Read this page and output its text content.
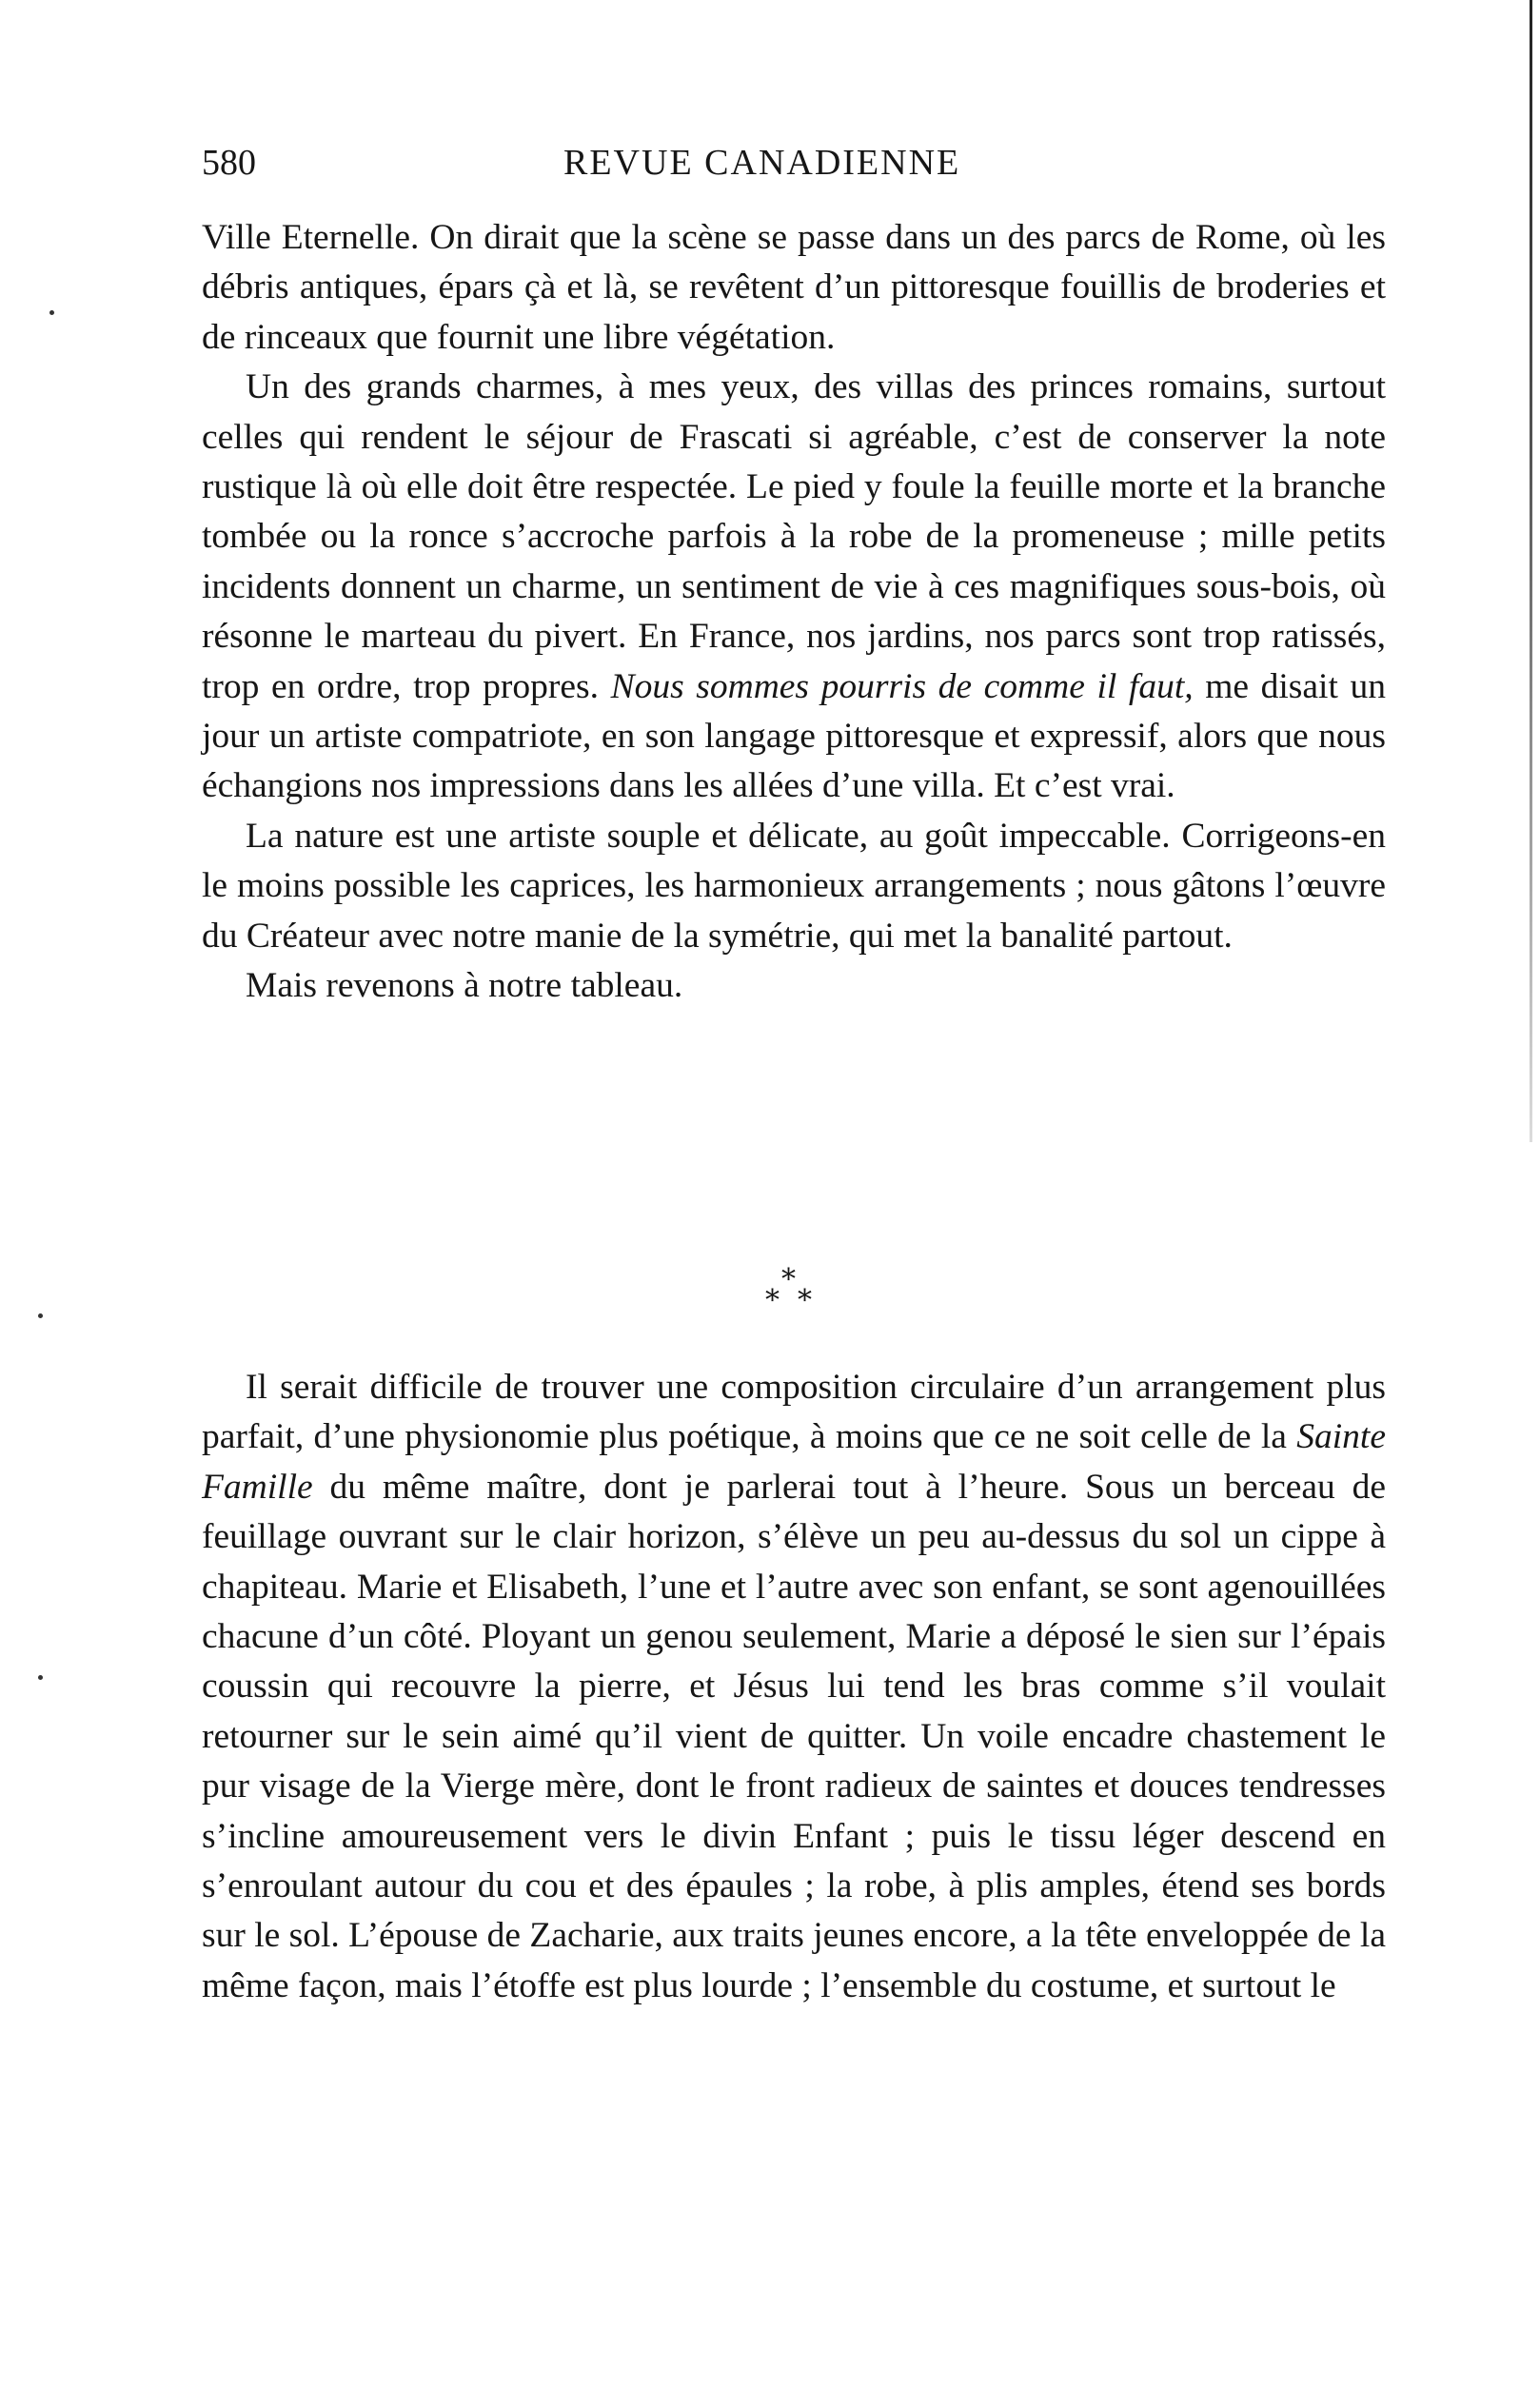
580	REVUE CANADIENNE

Ville Eternelle. On dirait que la scène se passe dans un des parcs de Rome, où les débris antiques, épars çà et là, se revêtent d’un pittoresque fouillis de broderies et de rinceaux que fournit une libre végétation.

Un des grands charmes, à mes yeux, des villas des princes romains, surtout celles qui rendent le séjour de Frascati si agréable, c’est de conserver la note rustique là où elle doit être respectée. Le pied y foule la feuille morte et la branche tombée ou la ronce s’accroche parfois à la robe de la promeneuse ; mille petits incidents donnent un charme, un sentiment de vie à ces magnifiques sous-bois, où résonne le marteau du pivert. En France, nos jardins, nos parcs sont trop ratissés, trop en ordre, trop propres. Nous sommes pourris de comme il faut, me disait un jour un artiste compatriote, en son langage pittoresque et expressif, alors que nous échangions nos impressions dans les allées d’une villa. Et c’est vrai.

La nature est une artiste souple et délicate, au goût impeccable. Corrigeons-en le moins possible les caprices, les harmonieux arrangements ; nous gâtons l’œuvre du Créateur avec notre manie de la symétrie, qui met la banalité partout.

Mais revenons à notre tableau.

*
* *

Il serait difficile de trouver une composition circulaire d’un arrangement plus parfait, d’une physionomie plus poétique, à moins que ce ne soit celle de la Sainte Famille du même maître, dont je parlerai tout à l’heure. Sous un berceau de feuillage ouvrant sur le clair horizon, s’élève un peu au-dessus du sol un cippe à chapiteau. Marie et Elisabeth, l’une et l’autre avec son enfant, se sont agenouillées chacune d’un côté. Ployant un genou seulement, Marie a déposé le sien sur l’épais coussin qui recouvre la pierre, et Jésus lui tend les bras comme s’il voulait retourner sur le sein aimé qu’il vient de quitter. Un voile encadre chastement le pur visage de la Vierge mère, dont le front radieux de saintes et douces tendresses s’incline amoureusement vers le divin Enfant ; puis le tissu léger descend en s’enroulant autour du cou et des épaules ; la robe, à plis amples, étend ses bords sur le sol. L’épouse de Zacharie, aux traits jeunes encore, a la tête enveloppée de la même façon, mais l’étoffe est plus lourde ; l’ensemble du costume, et surtout le
